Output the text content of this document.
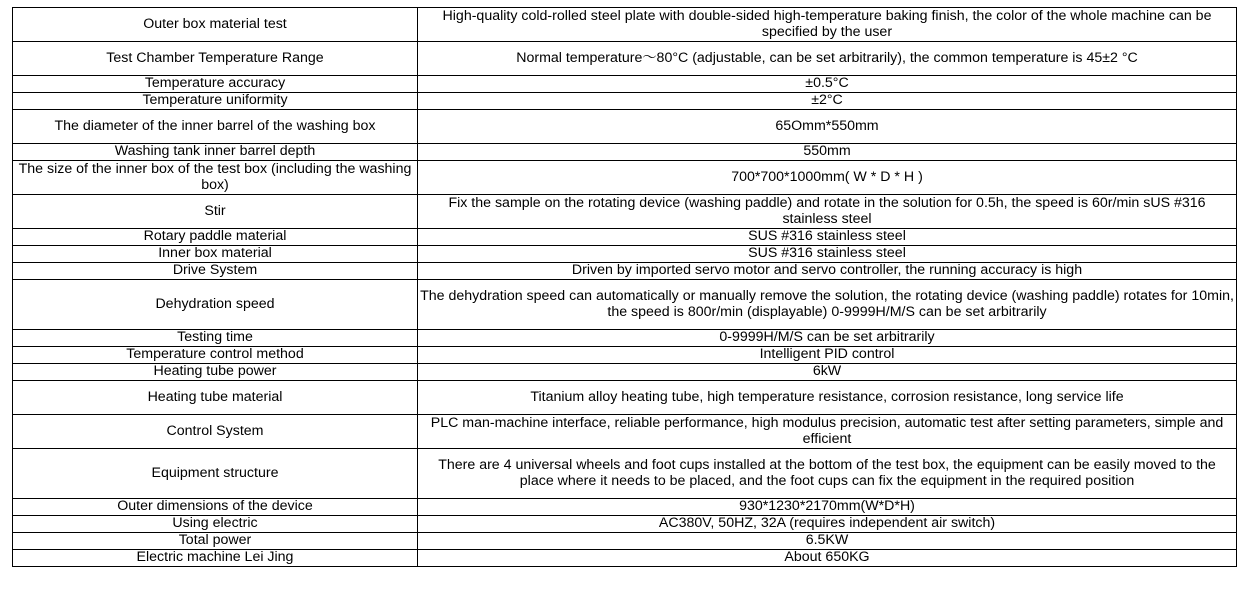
Outer box material test	High-quality cold-rolled steel plate with double-sided high-temperature baking finish, the color of the whole machine can be specified by the user
Test Chamber Temperature Range	Normal temperature～80°C (adjustable, can be set arbitrarily), the common temperature is 45±2 °C
Temperature accuracy	±0.5°C
Temperature uniformity	±2°C
The diameter of the inner barrel of the washing box	65Omm*550mm
Washing tank inner barrel depth	550mm
The size of the inner box of the test box (including the washing box)	700*700*1000mm( W * D * H )
Stir	Fix the sample on the rotating device (washing paddle) and rotate in the solution for 0.5h, the speed is 60r/min sUS #316 stainless steel
Rotary paddle material	SUS #316 stainless steel
Inner box material	SUS #316 stainless steel
Drive System	Driven by imported servo motor and servo controller, the running accuracy is high
Dehydration speed	The dehydration speed can automatically or manually remove the solution, the rotating device (washing paddle) rotates for 10min, the speed is 800r/min (displayable) 0-9999H/M/S can be set arbitrarily
Testing time	0-9999H/M/S can be set arbitrarily
Temperature control method	Intelligent PID control
Heating tube power	6kW
Heating tube material	Titanium alloy heating tube, high temperature resistance, corrosion resistance, long service life
Control System	PLC man-machine interface, reliable performance, high modulus precision, automatic test after setting parameters, simple and efficient
Equipment structure	There are 4 universal wheels and foot cups installed at the bottom of the test box, the equipment can be easily moved to the place where it needs to be placed, and the foot cups can fix the equipment in the required position
Outer dimensions of the device	930*1230*2170mm(W*D*H)
Using electric	AC380V, 50HZ, 32A (requires independent air switch)
Total power	6.5KW
Electric machine Lei Jing	About 650KG
